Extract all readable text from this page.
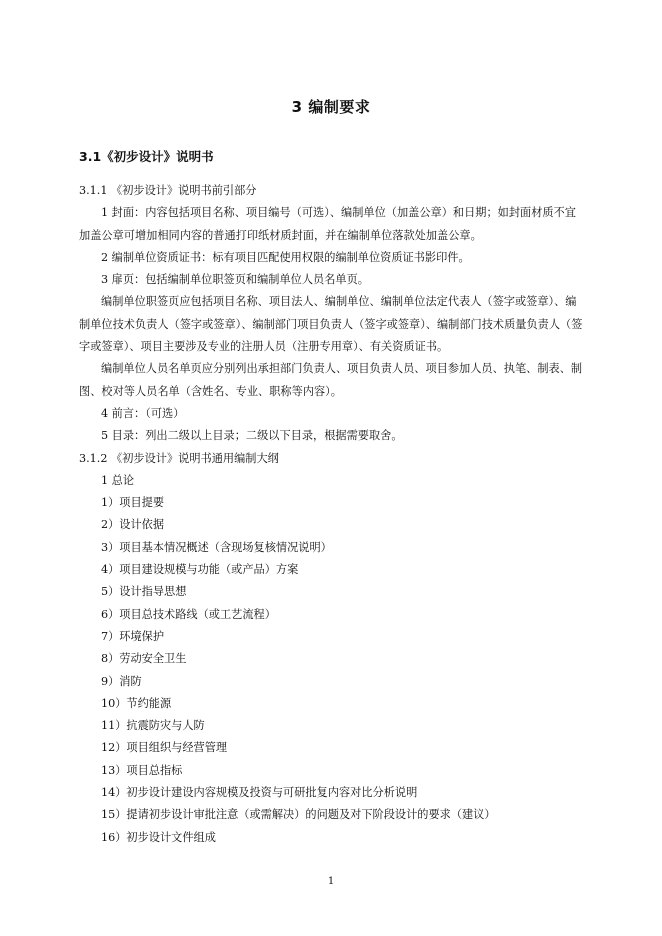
3 编制要求
3.1《初步设计》说明书

3.1.1 《初步设计》说明书前引部分

1 封面：内容包括项目名称、项目编号（可选）、编制单位（加盖公章）和日期；如封面材质不宜加盖公章可增加相同内容的普通打印纸材质封面，并在编制单位落款处加盖公章。

2 编制单位资质证书：标有项目匹配使用权限的编制单位资质证书影印件。

3 扉页：包括编制单位职签页和编制单位人员名单页。

编制单位职签页应包括项目名称、项目法人、编制单位、编制单位法定代表人（签字或签章）、编制单位技术负责人（签字或签章）、编制部门项目负责人（签字或签章）、编制部门技术质量负责人（签字或签章）、项目主要涉及专业的注册人员（注册专用章）、有关资质证书。

编制单位人员名单页应分别列出承担部门负责人、项目负责人员、项目参加人员、执笔、制表、制图、校对等人员名单（含姓名、专业、职称等内容）。

4 前言：（可选）

5 目录：列出二级以上目录；二级以下目录，根据需要取舍。

3.1.2 《初步设计》说明书通用编制大纲

1 总论

1）项目提要

2）设计依据

3）项目基本情况概述（含现场复核情况说明）

4）项目建设规模与功能（或产品）方案

5）设计指导思想

6）项目总技术路线（或工艺流程）

7）环境保护

8）劳动安全卫生

9）消防

10）节约能源

11）抗震防灾与人防

12）项目组织与经营管理

13）项目总指标

14）初步设计建设内容规模及投资与可研批复内容对比分析说明

15）提请初步设计审批注意（或需解决）的问题及对下阶段设计的要求（建议）

16）初步设计文件组成

1
